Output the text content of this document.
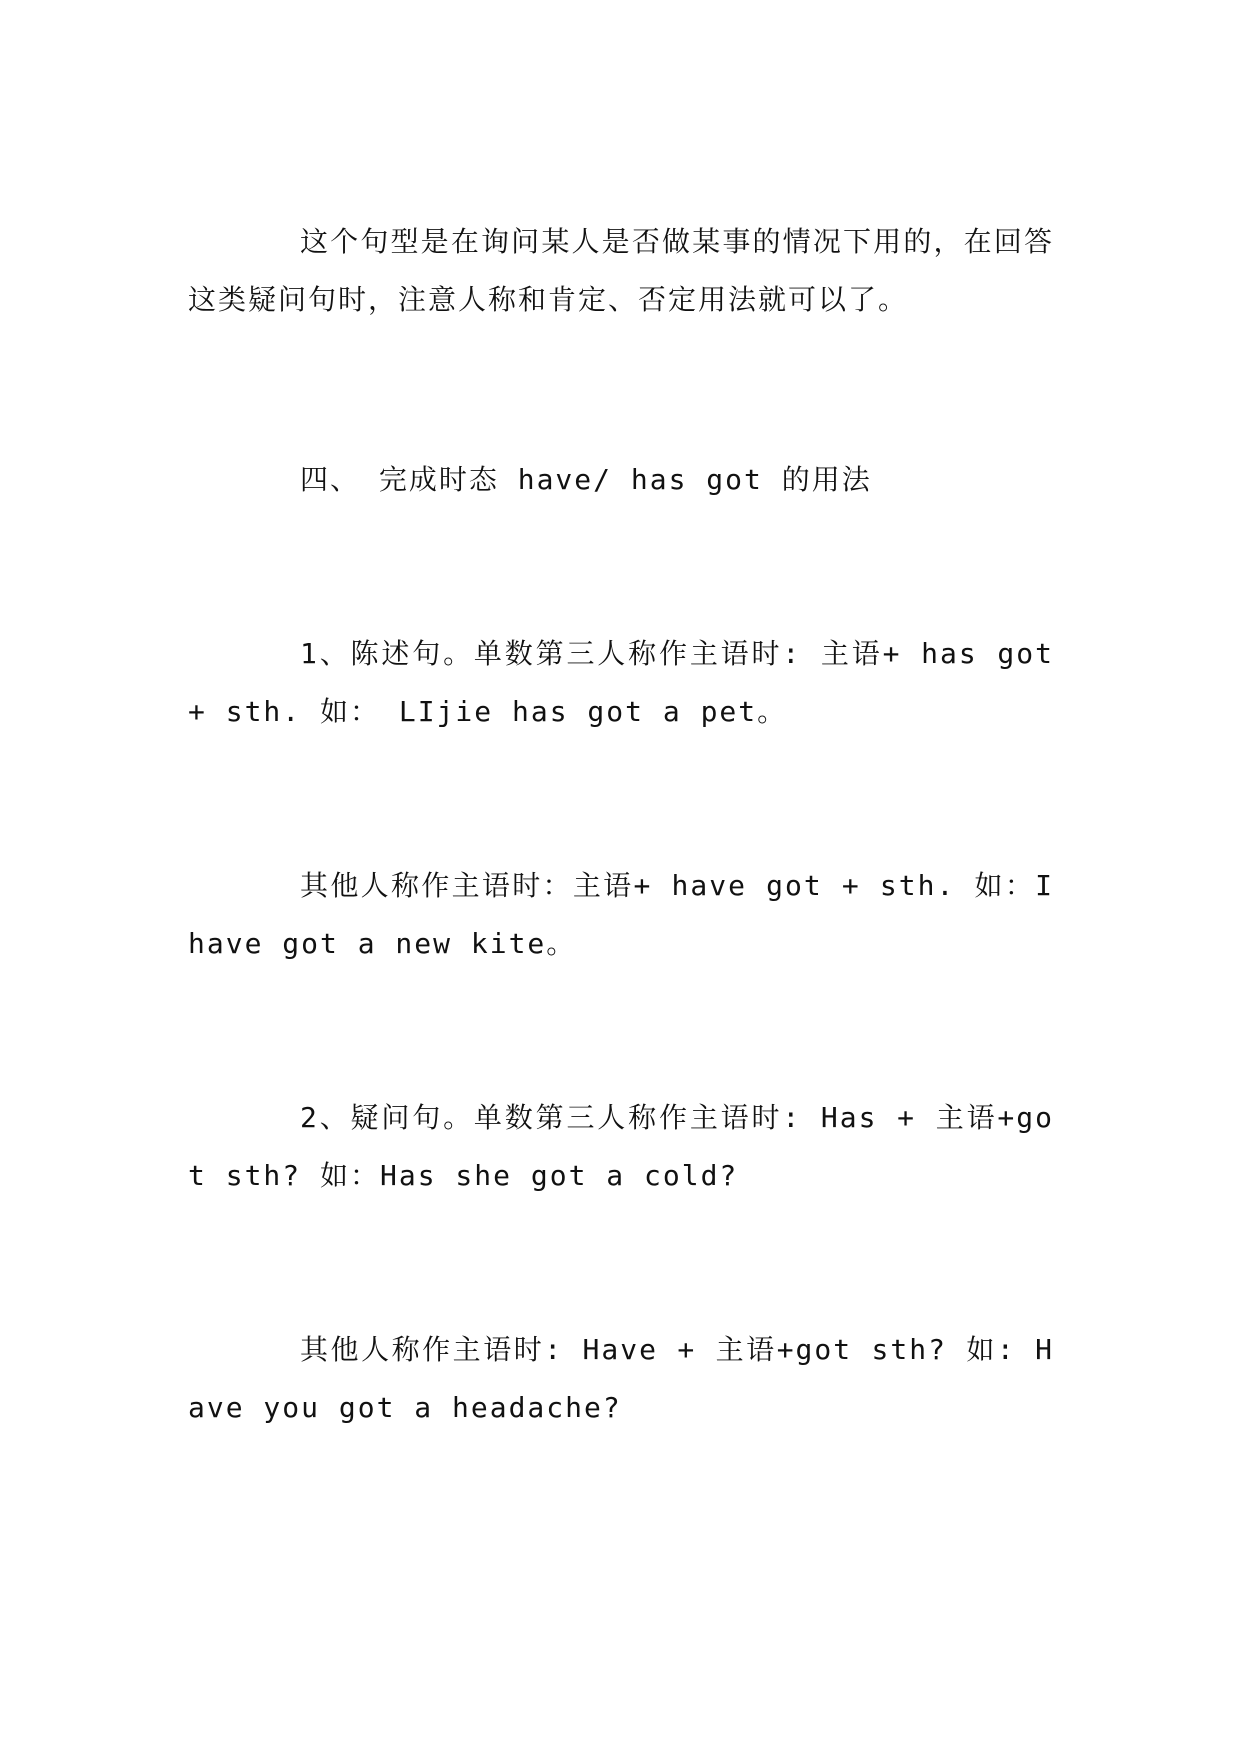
这个句型是在询问某人是否做某事的情况下用的，在回答这类疑问句时，注意人称和肯定、否定用法就可以了。

四、 完成时态 have/ has got 的用法

1、陈述句。单数第三人称作主语时: 主语+ has got + sth. 如： LIjie has got a pet。

其他人称作主语时：主语+ have got + sth. 如：I have got a new kite。

2、疑问句。单数第三人称作主语时: Has + 主语+got sth? 如：Has she got a cold?

其他人称作主语时: Have + 主语+got sth? 如: Have you got a headache?
